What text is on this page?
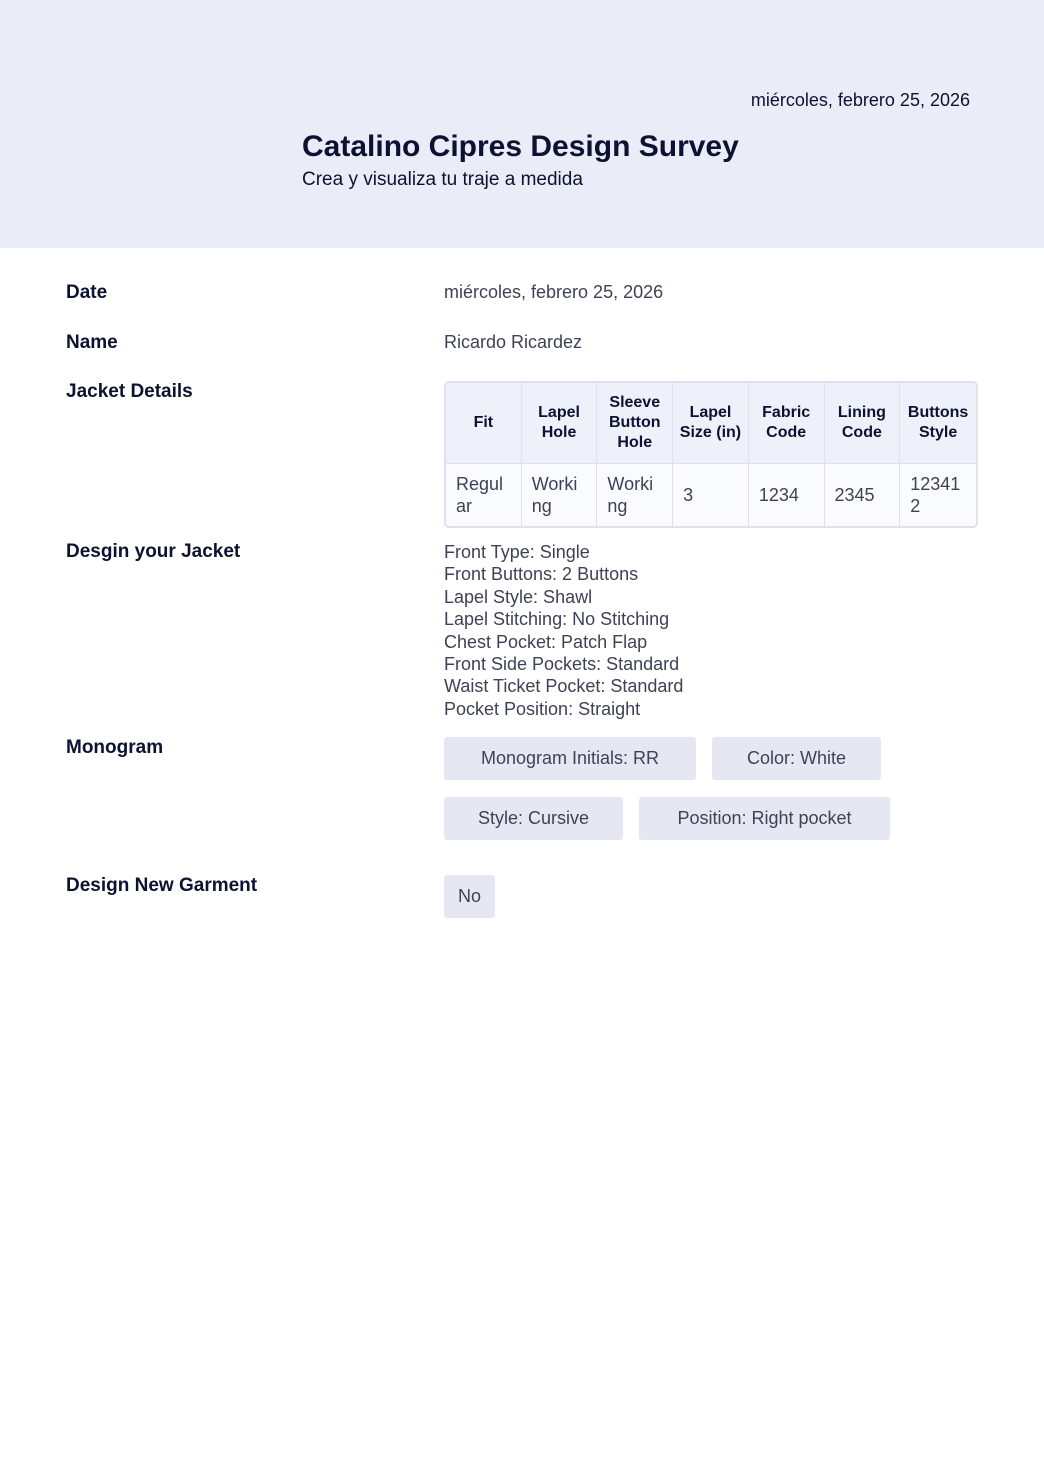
miércoles, febrero 25, 2026
Catalino Cipres Design Survey
Crea y visualiza tu traje a medida
Date	miércoles, febrero 25, 2026
Name	Ricardo Ricardez
Jacket Details
Fit	Lapel Hole	Sleeve Button Hole	Lapel Size (in)	Fabric Code	Lining Code	Buttons Style
Regular	Working	Working	3	1234	2345	123412
Desgin your Jacket	Front Type: Single
Front Buttons: 2 Buttons
Lapel Style: Shawl
Lapel Stitching: No Stitching
Chest Pocket: Patch Flap
Front Side Pockets: Standard
Waist Ticket Pocket: Standard
Pocket Position: Straight
Monogram	Monogram Initials: RR	Color: White
Style: Cursive	Position: Right pocket
Design New Garment	No
